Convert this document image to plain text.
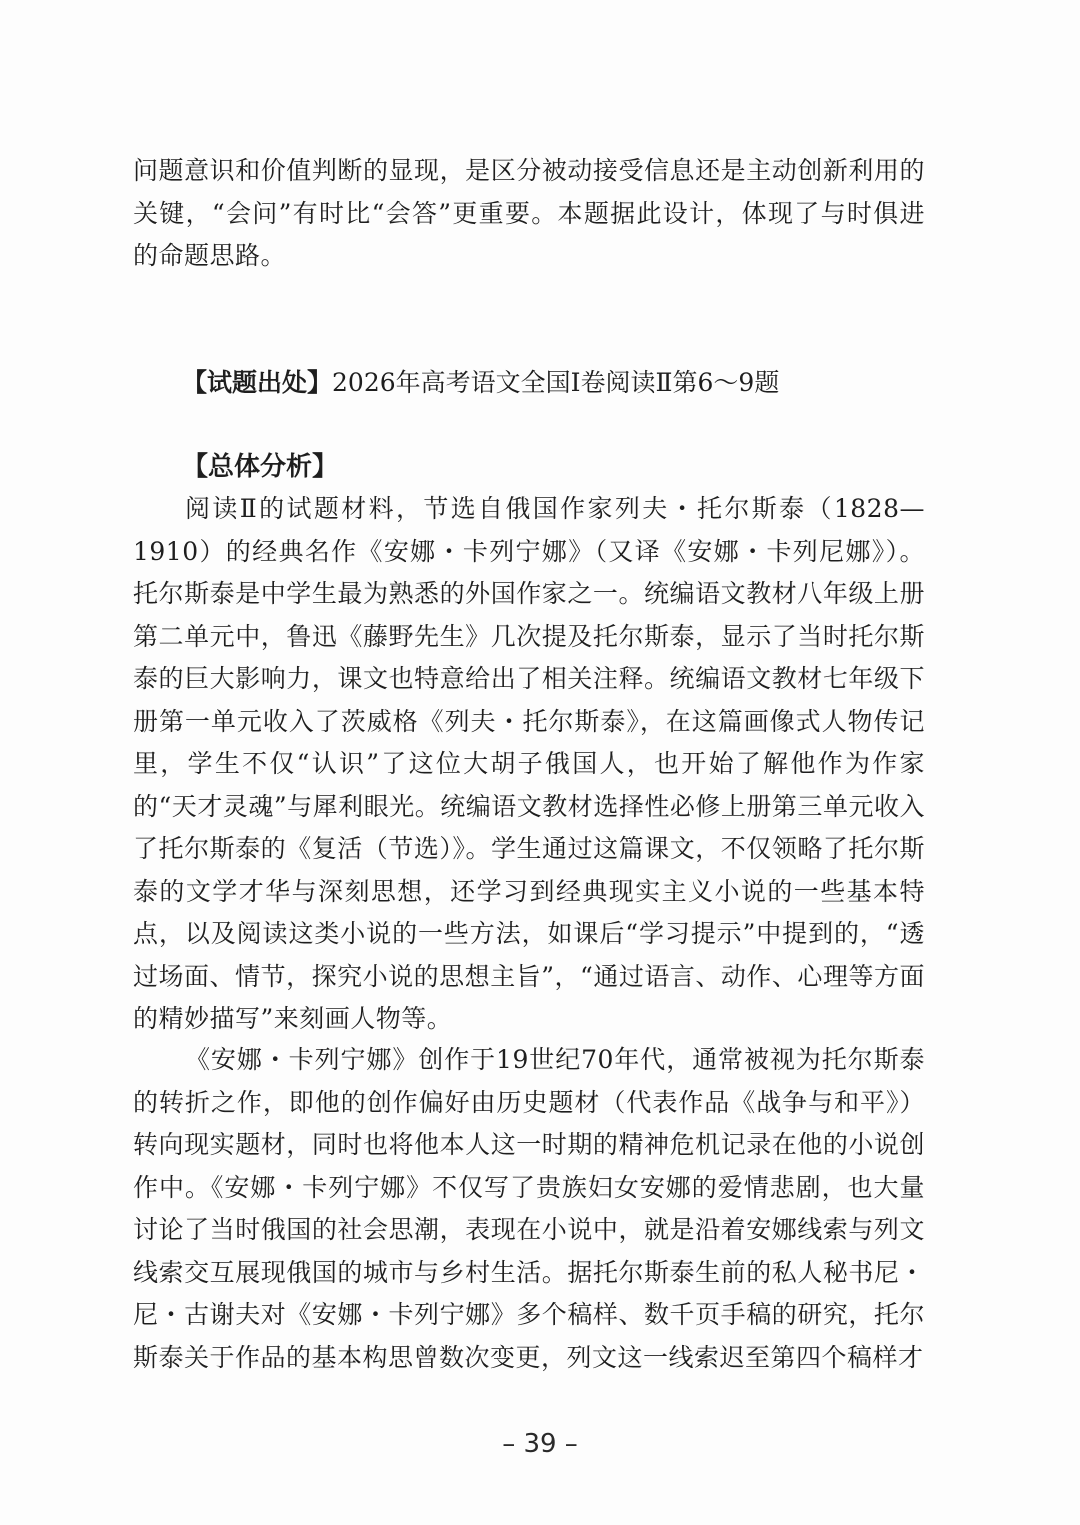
问题意识和价值判断的显现，是区分被动接受信息还是主动创新利用的关键，“会问”有时比“会答”更重要。本题据此设计，体现了与时俱进的命题思路。

【试题出处】2026年高考语文全国Ⅰ卷阅读Ⅱ第6～9题
【总体分析】

阅读Ⅱ的试题材料，节选自俄国作家列夫・托尔斯泰（1828—1910）的经典名作《安娜・卡列宁娜》（又译《安娜・卡列尼娜》）。托尔斯泰是中学生最为熟悉的外国作家之一。统编语文教材八年级上册第二单元中，鲁迅《藤野先生》几次提及托尔斯泰，显示了当时托尔斯泰的巨大影响力，课文也特意给出了相关注释。统编语文教材七年级下册第一单元收入了茨威格《列夫・托尔斯泰》，在这篇画像式人物传记里，学生不仅“认识”了这位大胡子俄国人，也开始了解他作为作家的“天才灵魂”与犀利眼光。统编语文教材选择性必修上册第三单元收入了托尔斯泰的《复活（节选）》。学生通过这篇课文，不仅领略了托尔斯泰的文学才华与深刻思想，还学习到经典现实主义小说的一些基本特点，以及阅读这类小说的一些方法，如课后“学习提示”中提到的，“透过场面、情节，探究小说的思想主旨”，“通过语言、动作、心理等方面的精妙描写”来刻画人物等。

《安娜・卡列宁娜》创作于19世纪70年代，通常被视为托尔斯泰的转折之作，即他的创作偏好由历史题材（代表作品《战争与和平》）转向现实题材，同时也将他本人这一时期的精神危机记录在他的小说创作中。《安娜・卡列宁娜》不仅写了贵族妇女安娜的爱情悲剧，也大量讨论了当时俄国的社会思潮，表现在小说中，就是沿着安娜线索与列文线索交互展现俄国的城市与乡村生活。据托尔斯泰生前的私人秘书尼・尼・古谢夫对《安娜・卡列宁娜》多个稿样、数千页手稿的研究，托尔斯泰关于作品的基本构思曾数次变更，列文这一线索迟至第四个稿样才

– 39 –
